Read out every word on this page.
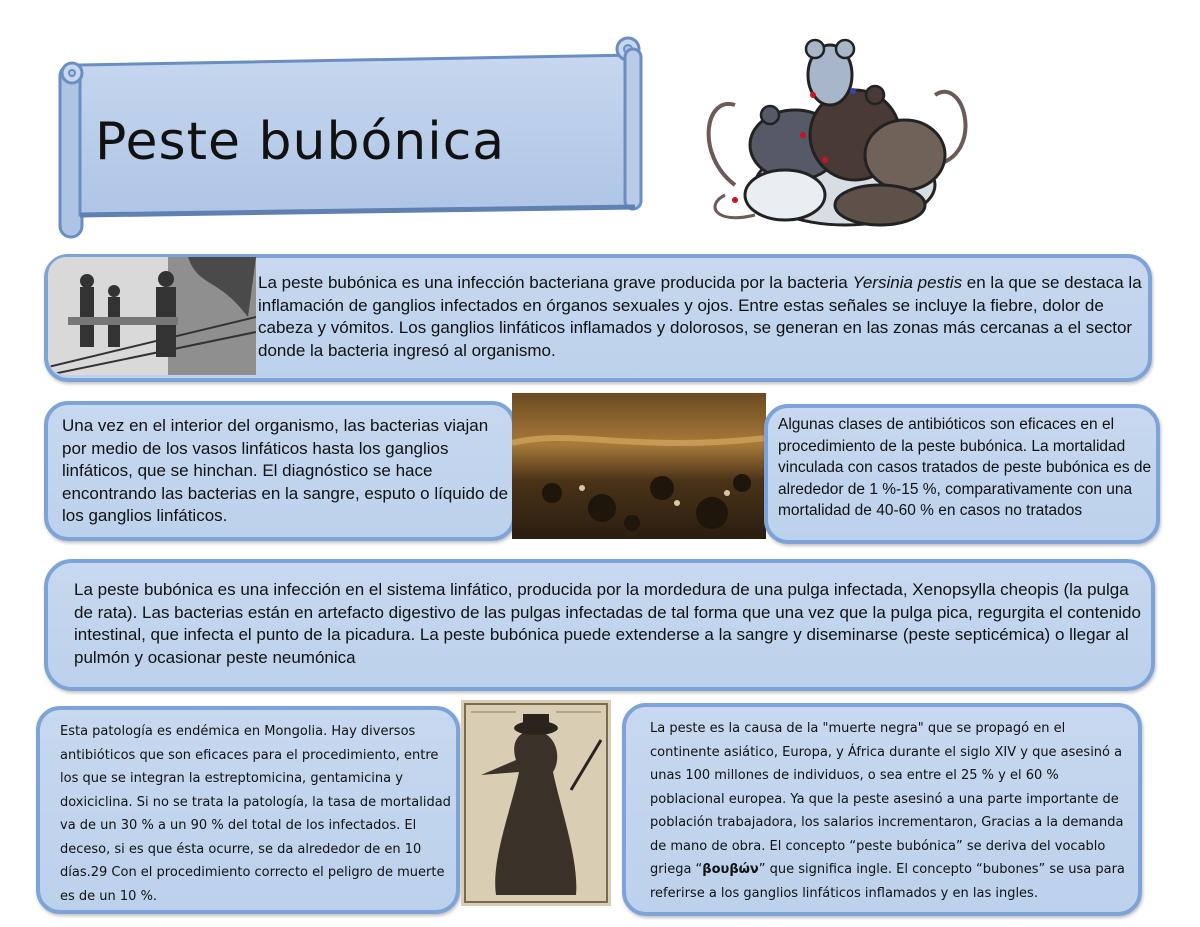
Peste bubónica
La peste bubónica es una infección bacteriana grave producida por la bacteria Yersinia pestis en la que se destaca la inflamación de ganglios infectados en órganos sexuales y ojos. Entre estas señales se incluye la fiebre, dolor de cabeza y vómitos. Los ganglios linfáticos inflamados y dolorosos, se generan en las zonas más cercanas a el sector donde la bacteria ingresó al organismo.
Una vez en el interior del organismo, las bacterias viajan por medio de los vasos linfáticos hasta los ganglios linfáticos, que se hinchan. El diagnóstico se hace encontrando las bacterias en la sangre, esputo o líquido de los ganglios linfáticos.
Algunas clases de antibióticos son eficaces en el procedimiento de la peste bubónica. La mortalidad vinculada con casos tratados de peste bubónica es de alrededor de 1 %-15 %, comparativamente con una mortalidad de 40-60 % en casos no tratados
La peste bubónica es una infección en el sistema linfático, producida por la mordedura de una pulga infectada, Xenopsylla cheopis (la pulga de rata). Las bacterias están en artefacto digestivo de las pulgas infectadas de tal forma que una vez que la pulga pica, regurgita el contenido intestinal, que infecta el punto de la picadura. La peste bubónica puede extenderse a la sangre y diseminarse (peste septicémica) o llegar al pulmón y ocasionar peste neumónica
Esta patología es endémica en Mongolia. Hay diversos antibióticos que son eficaces para el procedimiento, entre los que se integran la estreptomicina, gentamicina y doxiciclina. Si no se trata la patología, la tasa de mortalidad va de un 30 % a un 90 % del total de los infectados. El deceso, si es que ésta ocurre, se da alrededor de en 10 días.29 Con el procedimiento correcto el peligro de muerte es de un 10 %.
La peste es la causa de la "muerte negra" que se propagó en el continente asiático, Europa, y África durante el siglo XIV y que asesinó a unas 100 millones de individuos, o sea entre el 25 % y el 60 % poblacional europea. Ya que la peste asesinó a una parte importante de población trabajadora, los salarios incrementaron, Gracias a la demanda de mano de obra. El concepto “peste bubónica” se deriva del vocablo griega “βουβών” que significa ingle. El concepto “bubones” se usa para referirse a los ganglios linfáticos inflamados y en las ingles.
